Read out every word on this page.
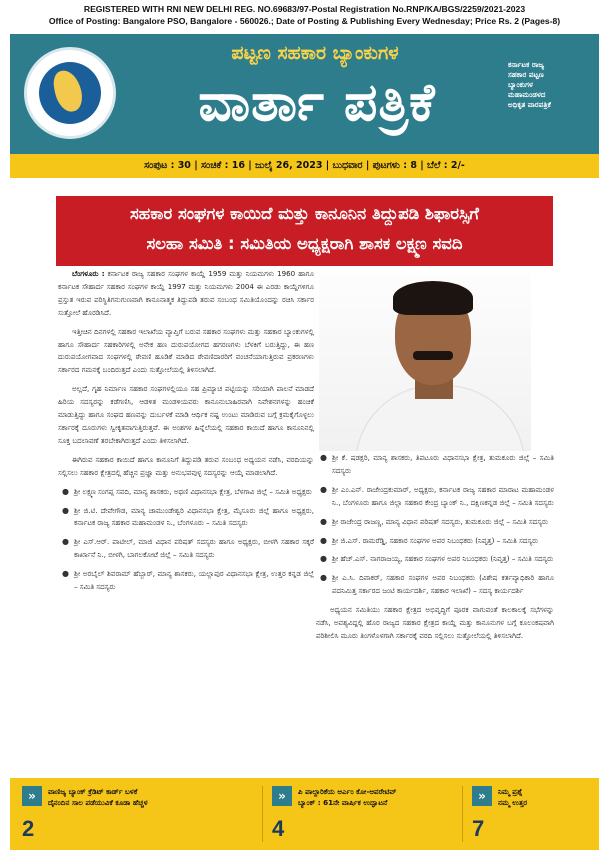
REGISTERED WITH RNI NEW DELHI REG. NO.69683/97-Postal Registration No.RNP/KA/BGS/2259/2021-2023
Office of Posting: Bangalore PSO, Bangalore - 560026.; Date of Posting & Publishing Every Wednesday; Price Rs. 2 (Pages-8)
ಪಟ್ಟಣ ಸಹಕಾರ ಬ್ಯಾಂಕುಗಳ
ವಾರ್ತಾ ಪತ್ರಿಕೆ
ಕರ್ನಾಟಕ ರಾಜ್ಯ
ಸಹಕಾರ ಪಟ್ಟಣ
ಬ್ಯಾಂಕುಗಳ
ಮಹಾಮಂಡಳದ
ಅಧಿಕೃತ ವಾರಪತ್ರಿಕೆ
ಸಂಪುಟ : 30 | ಸಂಚಿಕೆ : 16 | ಜುಲೈ 26, 2023 | ಬುಧವಾರ | ಪುಟಗಳು : 8 | ಬೆಲೆ : 2/-
ಸಹಕಾರ ಸಂಘಗಳ ಕಾಯಿದೆ ಮತ್ತು ಕಾನೂನಿನ ತಿದ್ದುಪಡಿ ಶಿಫಾರಸ್ಸಿಗೆ
ಸಲಹಾ ಸಮಿತಿ : ಸಮಿತಿಯ ಅಧ್ಯಕ್ಷರಾಗಿ ಶಾಸಕ ಲಕ್ಷ್ಮಣ ಸವದಿ

ಬೆಂಗಳೂರು : ಕರ್ನಾಟಕ ರಾಜ್ಯ ಸಹಕಾರ ಸಂಘಗಳ ಕಾಯ್ದೆ 1959 ಮತ್ತು ನಿಯಮಗಳು 1960 ಹಾಗೂ ಕರ್ನಾಟಕ ಸೌಹಾರ್ದ ಸಹಕಾರ ಸಂಘಗಳ ಕಾಯ್ದೆ 1997 ಮತ್ತು ನಿಯಮಗಳು 2004 ಈ ಎರಡು ಕಾಯ್ದೆಗಳಿಗೂ ಪ್ರಸ್ತುತ ಇರುವ ಪರಿಸ್ಥಿತಿಗನುಗುಣವಾಗಿ ಕಾನೂನಾತ್ಮಕ ತಿದ್ದುಪಡಿ ತರುವ ಸಂಬಂಧ ಸಮಿತಿಯೊಂದನ್ನು ರಚಿಸಿ ಸರ್ಕಾರ ಸುತ್ತೋಲೆ ಹೊರಡಿಸಿದೆ.

ಇತ್ತೀಚಿನ ದಿನಗಳಲ್ಲಿ ಸಹಕಾರ ಇಲಾಖೆಯ ವ್ಯಾಪ್ತಿಗೆ ಬರುವ ಸಹಕಾರ ಸಂಘಗಳು ಮತ್ತು ಸಹಕಾರ ಬ್ಯಾಂಕುಗಳಲ್ಲಿ ಹಾಗೂ ಸೌಹಾರ್ದ ಸಹಕಾರಿಗಳಲ್ಲಿ ಅನೇಕ ಹಣ ದುರುಪಯೋಗದ ಹಗರಣಗಳು ಬೆಳಕಿಗೆ ಬರುತ್ತಿದ್ದು, ಈ ಹಣ ದುರುಪಯೋಗವಾದ ಸಂಘಗಳಲ್ಲಿ ಠೇವಣಿ ಹೂಡಿಕೆ ಮಾಡಿದ ಠೇವಣಿದಾರರಿಗೆ ವಂಚನೆಯಾಗುತ್ತಿರುವ ಪ್ರಕರಣಗಳು ಸರ್ಕಾರದ ಗಮನಕ್ಕೆ ಬಂದಿರುತ್ತದೆ ಎಂದು ಸುತ್ತೋಲೆಯಲ್ಲಿ ತಿಳಿಸಲಾಗಿದೆ.

ಅಲ್ಲದೆ, ಗೃಹ ನಿರ್ಮಾಣ ಸಹಕಾರ ಸಂಘಗಳಲ್ಲಿಯೂ ಸಹ ಪ್ರಿಮ್ಯಾಚ ಪಟ್ಟಿಯನ್ನು ಸರಿಯಾಗಿ ಪಾಲನೆ ಮಾಡದೆ ಹಿರಿಯ ಸದಸ್ಯರನ್ನು ಕಡೆಗಣಿಸಿ, ಆಡಳಿತ ಮಂಡಳಿಯವರು ಕಾನೂನುಬಾಹಿರವಾಗಿ ನಿವೇಶನಗಳನ್ನು ಹಂಚಿಕೆ ಮಾಡುತ್ತಿದ್ದು ಹಾಗೂ ಸಂಘದ ಹಣವನ್ನು ದುರ್ಬಳಕೆ ಮಾಡಿ ಆರ್ಥಿಕ ನಷ್ಟ ಉಂಟು ಮಾಡಿರುವ ಬಗ್ಗೆ ಕ್ರಮಕೈಗೊಳ್ಳಲು ಸರ್ಕಾರಕ್ಕೆ ದೂರುಗಳು ಸ್ವೀಕೃತವಾಗುತ್ತಿರುತ್ತವೆ. ಈ ಅಂಶಗಳ ಹಿನ್ನೆಲೆಯಲ್ಲಿ ಸಹಕಾರ ಕಾಯಿದೆ ಹಾಗೂ ಕಾನೂನಿನಲ್ಲಿ ಸೂಕ್ತ ಬದಲಾವಣೆ ತರಬೇಕಾಗಿರುತ್ತದೆ ಎಂದು ತಿಳಿಸಲಾಗಿದೆ.

ಈಗಿರುವ ಸಹಕಾರ ಕಾಯಿದೆ ಹಾಗೂ ಕಾನೂನಿಗೆ ತಿದ್ದುಪಡಿ ತರುವ ಸಂಬಂಧ ಅಧ್ಯಯನ ನಡೆಸಿ, ವರದಿಯನ್ನು ಸಲ್ಲಿಸಲು ಸಹಕಾರ ಕ್ಷೇತ್ರದಲ್ಲಿ ಹೆಚ್ಚಿನ ಪ್ರಜ್ಞಾ ಮತ್ತು ಅನುಭವವುಳ್ಳ ಸದಸ್ಯರನ್ನು ಆಯ್ಕೆ ಮಾಡಲಾಗಿದೆ.

● ಶ್ರೀ ಲಕ್ಷ್ಮಣ ಸಂಗಪ್ಪ ಸವದಿ, ಮಾನ್ಯ ಶಾಸಕರು, ಅಥಣಿ ವಿಧಾನಸಭಾ ಕ್ಷೇತ್ರ, ಬೆಳಗಾವಿ ಜಿಲ್ಲೆ – ಸಮಿತಿ ಅಧ್ಯಕ್ಷರು
● ಶ್ರೀ ಜಿ.ಟಿ. ದೇವೇಗೌಡ, ಮಾನ್ಯ ಚಾಮುಂಡೇಶ್ವರಿ ವಿಧಾನಸಭಾ ಕ್ಷೇತ್ರ, ಮೈಸೂರು ಜಿಲ್ಲೆ ಹಾಗೂ ಅಧ್ಯಕ್ಷರು, ಕರ್ನಾಟಕ ರಾಜ್ಯ ಸಹಕಾರ ಮಹಾಮಂಡಳ ನಿ., ಬೆಂಗಳೂರು – ಸಮಿತಿ ಸದಸ್ಯರು
● ಶ್ರೀ ಎಸ್.ಆರ್. ಪಾಟೀಲ್, ಮಾಜಿ ವಿಧಾನ ಪರಿಷತ್ ಸದಸ್ಯರು ಹಾಗೂ ಅಧ್ಯಕ್ಷರು, ಬೀಳಗಿ ಸಹಕಾರ ಸಕ್ಕರೆ ಕಾರ್ಖಾನೆ ನಿ., ಬೀಳಗಿ, ಬಾಗಲಕೋಟೆ ಜಿಲ್ಲೆ – ಸಮಿತಿ ಸದಸ್ಯರು
● ಶ್ರೀ ಅರಬೈಲ್ ಶಿವರಾಮ್ ಹೆಬ್ಬಾರ್, ಮಾನ್ಯ ಶಾಸಕರು, ಯಲ್ಲಾಪುರ ವಿಧಾನಸಭಾ ಕ್ಷೇತ್ರ, ಉತ್ತರ ಕನ್ನಡ ಜಿಲ್ಲೆ – ಸಮಿತಿ ಸದಸ್ಯರು
● ಶ್ರೀ ಕೆ. ಷಡಕ್ಷರಿ, ಮಾನ್ಯ ಶಾಸಕರು, ತಿಪಟೂರು ವಿಧಾನಸಭಾ ಕ್ಷೇತ್ರ, ತುಮಕೂರು ಜಿಲ್ಲೆ – ಸಮಿತಿ ಸದಸ್ಯರು
● ಶ್ರೀ ಎಂ.ಎನ್. ರಾಜೇಂದ್ರಕುಮಾರ್, ಅಧ್ಯಕ್ಷರು, ಕರ್ನಾಟಕ ರಾಜ್ಯ ಸಹಕಾರ ಮಾರಾಟ ಮಹಾಮಂಡಳ ನಿ., ಬೆಂಗಳೂರು ಹಾಗೂ ಜಿಲ್ಲಾ ಸಹಕಾರ ಕೇಂದ್ರ ಬ್ಯಾಂಕ್ ನಿ., ದಕ್ಷಿಣಕನ್ನಡ ಜಿಲ್ಲೆ – ಸಮಿತಿ ಸದಸ್ಯರು
● ಶ್ರೀ ರಾಜೇಂದ್ರ ರಾಜಣ್ಣ, ಮಾನ್ಯ ವಿಧಾನ ಪರಿಷತ್ ಸದಸ್ಯರು, ತುಮಕೂರು ಜಿಲ್ಲೆ – ಸಮಿತಿ ಸದಸ್ಯರು
● ಶ್ರೀ ಜಿ.ಎಸ್. ರಾಮರೆಡ್ಡಿ, ಸಹಕಾರ ಸಂಘಗಳ ಅಪರ ನಿಬಂಧಕರು (ನಿವೃತ್ತ) – ಸಮಿತಿ ಸದಸ್ಯರು
● ಶ್ರೀ ಹೆಚ್.ಎಸ್. ನಾಗರಾಜಯ್ಯ, ಸಹಕಾರ ಸಂಘಗಳ ಅಪರ ನಿಬಂಧಕರು (ನಿವೃತ್ತ) – ಸಮಿತಿ ಸದಸ್ಯರು
● ಶ್ರೀ ಎ.ಸಿ. ದಿವಾಕರ್, ಸಹಕಾರ ಸಂಘಗಳ ಅಪರ ನಿಬಂಧಕರು (ವಿಶೇಷ ಕರ್ತವ್ಯಾಧಿಕಾರಿ ಹಾಗೂ ಪದನಿಮಿತ್ತ ಸರ್ಕಾರದ ಜಂಟಿ ಕಾರ್ಯದರ್ಶಿ, ಸಹಕಾರ ಇಲಾಖೆ) – ಸದಸ್ಯ ಕಾರ್ಯದರ್ಶಿ

ಅಧ್ಯಯನ ಸಮಿತಿಯು ಸಹಕಾರ ಕ್ಷೇತ್ರದ ಅಭಿವೃದ್ಧಿಗೆ ಪೂರಕ ವಾಗುವಂತೆ ಕಾಲಕಾಲಕ್ಕೆ ಸಭೆಗಳನ್ನು ನಡೆಸಿ, ಅವಶ್ಯವಿದ್ದಲ್ಲಿ ಹೊರ ರಾಜ್ಯದ ಸಹಕಾರ ಕ್ಷೇತ್ರದ ಕಾಯ್ದೆ ಮತ್ತು ಕಾನೂನುಗಳ ಬಗ್ಗೆ ಕೂಲಂಕಷವಾಗಿ ಪರಿಶೀಲಿಸಿ ಮೂರು ತಿಂಗಳೊಳಗಾಗಿ ಸರ್ಕಾರಕ್ಕೆ ವರದಿ ಸಲ್ಲಿಸಲು ಸುತ್ತೋಲೆಯಲ್ಲಿ ತಿಳಿಸಲಾಗಿದೆ.

»	ವಾಣಿಜ್ಯ ಬ್ಯಾಂಕ್ ಕ್ರೆಡಿಟ್ ಕಾರ್ಡ್ ಬಳಕೆ
ದೈನಂದಿನ ಸಾಲ ಪಡೆಯುವಿಕೆ ಕೂಡಾ ಹೆಚ್ಚಳ
2
»	ಪಿ ಪಾಲ್ದಾರಿಕೆಯ ಆರ್ಎಂ ಕೋ-ಆಪರೇಟಿವ್
ಬ್ಯಾಂಕ್ : 61ನೇ ವಾರ್ಷಿಕ ಉದ್ಘಾಟನೆ
4
»	ನಿಮ್ಮ ಪ್ರಶ್ನೆ
ನಮ್ಮ ಉತ್ತರ
7
